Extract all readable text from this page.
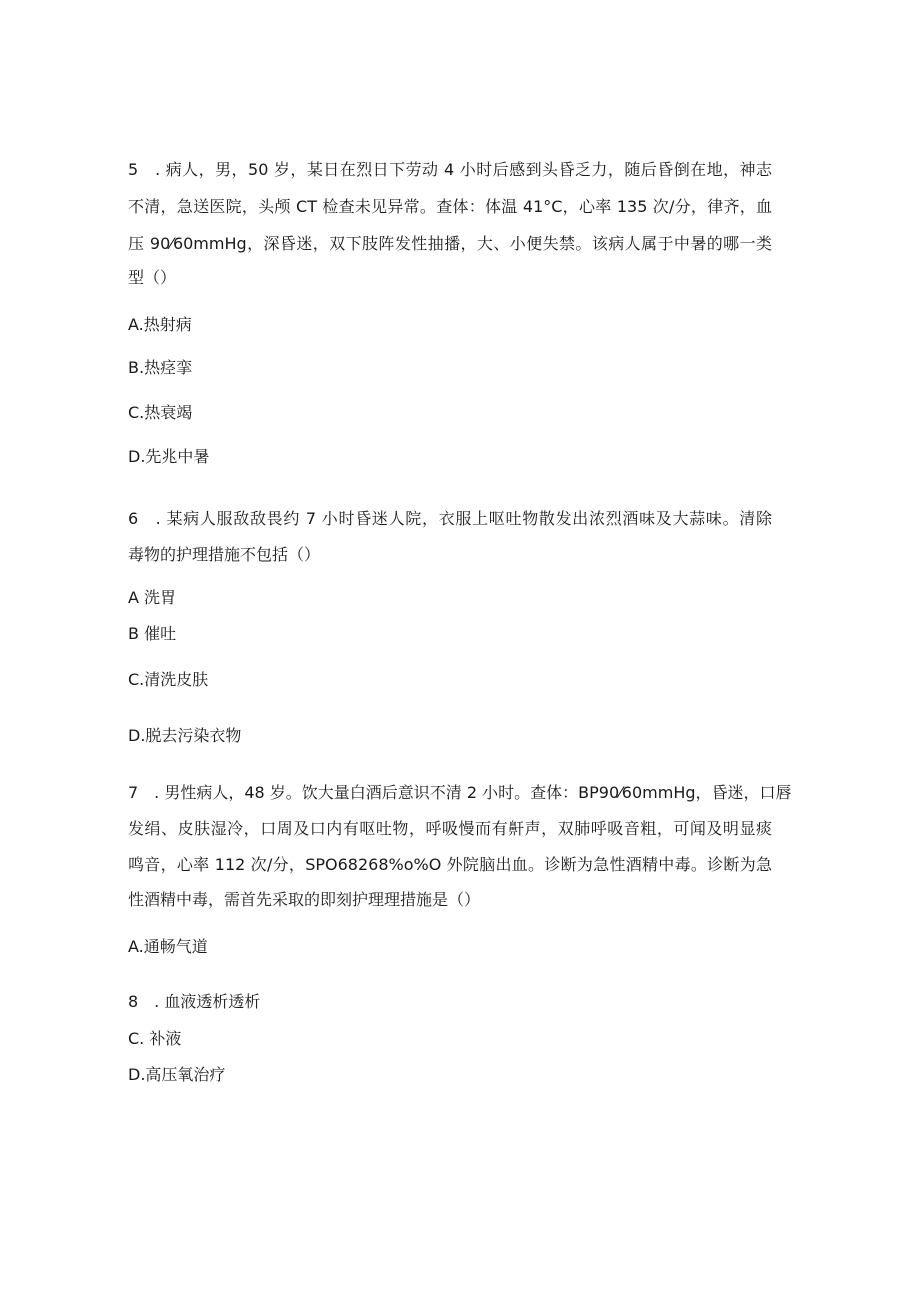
5　. 病人，男，50 岁，某日在烈日下劳动 4 小时后感到头昏乏力，随后昏倒在地，神志
不清，急送医院，头颅 CT 检查未见异常。查体：体温 41°C，心率 135 次/分，律齐，血
压 90⁄60mmHg，深昏迷，双下肢阵发性抽播，大、小便失禁。该病人属于中暑的哪一类
型（）
A.热射病
B.热痉挛
C.热衰竭
D.先兆中暑
6　. 某病人服敌敌畏约 7 小时昏迷人院，衣服上呕吐物散发出浓烈酒味及大蒜味。清除
毒物的护理措施不包括（）
A 洗胃
B 催吐
C.清洗皮肤
D.脱去污染衣物
7　. 男性病人，48 岁。饮大量白酒后意识不清 2 小时。查体：BP90⁄60mmHg，昏迷，口唇
发绢、皮肤湿冷，口周及口内有呕吐物，呼吸慢而有鼾声，双肺呼吸音粗，可闻及明显痰
鸣音，心率 112 次/分，SPO68268%o%O 外院脑出血。诊断为急性酒精中毒。诊断为急
性酒精中毒，需首先采取的即刻护理理措施是（）
A.通畅气道
8　. 血液透析透析
C. 补液
D.高压氧治疗
